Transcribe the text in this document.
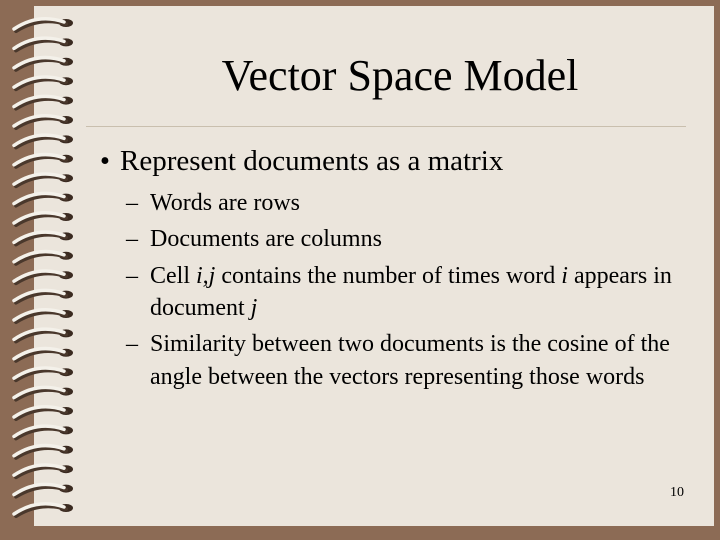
Vector Space Model
• Represent documents as a matrix
– Words are rows
– Documents are columns
– Cell i,j contains the number of times word i appears in document j
– Similarity between two documents is the cosine of the angle between the vectors representing those words
10
